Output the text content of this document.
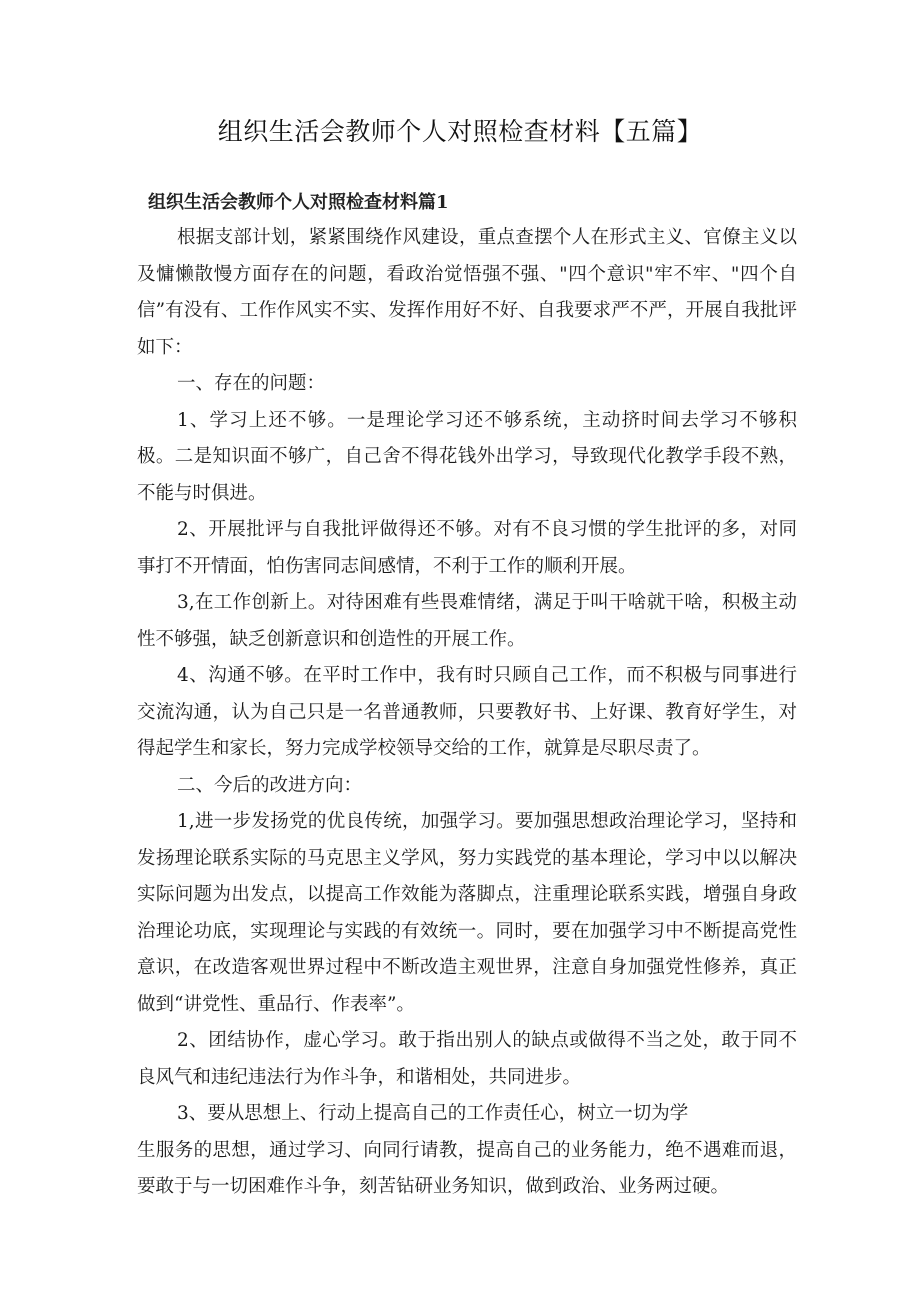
组织生活会教师个人对照检查材料【五篇】
组织生活会教师个人对照检查材料篇1

根据支部计划，紧紧围绕作风建设，重点查摆个人在形式主义、官僚主义以及慵懒散慢方面存在的问题，看政治觉悟强不强、"四个意识"牢不牢、"四个自信”有没有、工作作风实不实、发挥作用好不好、自我要求严不严，开展自我批评如下：

一、存在的问题：

1、学习上还不够。一是理论学习还不够系统，主动挤时间去学习不够积极。二是知识面不够广，自己舍不得花钱外出学习，导致现代化教学手段不熟，不能与时俱进。

2、开展批评与自我批评做得还不够。对有不良习惯的学生批评的多，对同事打不开情面，怕伤害同志间感情，不利于工作的顺利开展。

3,在工作创新上。对待困难有些畏难情绪，满足于叫干啥就干啥，积极主动性不够强，缺乏创新意识和创造性的开展工作。

4、沟通不够。在平时工作中，我有时只顾自己工作，而不积极与同事进行交流沟通，认为自己只是一名普通教师，只要教好书、上好课、教育好学生，对得起学生和家长，努力完成学校领导交给的工作，就算是尽职尽责了。

二、今后的改进方向：

1,进一步发扬党的优良传统，加强学习。要加强思想政治理论学习，坚持和发扬理论联系实际的马克思主义学风，努力实践党的基本理论，学习中以以解决实际问题为出发点，以提高工作效能为落脚点，注重理论联系实践，增强自身政治理论功底，实现理论与实践的有效统一。同时，要在加强学习中不断提高党性意识，在改造客观世界过程中不断改造主观世界，注意自身加强党性修养，真正做到“讲党性、重品行、作表率”。

2、团结协作，虚心学习。敢于指出别人的缺点或做得不当之处，敢于同不良风气和违纪违法行为作斗争，和谐相处，共同进步。

3、要从思想上、行动上提高自己的工作责任心，树立一切为学

生服务的思想，通过学习、向同行请教，提高自己的业务能力，绝不遇难而退，要敢于与一切困难作斗争，刻苦钻研业务知识，做到政治、业务两过硬。
